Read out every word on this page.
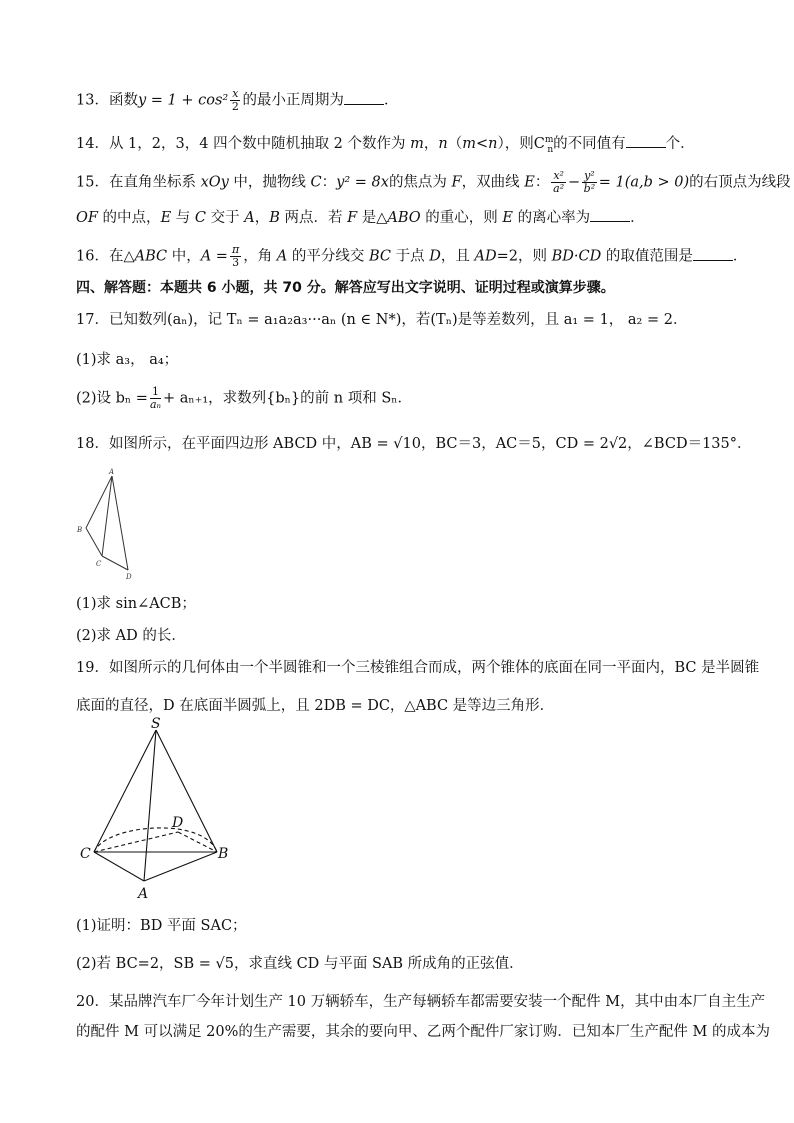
13．函数$y = 1 + \cos^2 \frac{x}{2}$ 的最小正周期为	．
14．从 1，2，3，4 四个数中随机抽取 2 个数作为 m，n（m<n），则$C^m_n$的不同值有	个．
15．在直角坐标系 xOy 中，抛物线 C：y² = 8x的焦点为 F，双曲线 E： $\frac{\text{x²}}{\text{a²}} - \frac{\text{y²}}{\text{b²}} = 1(a,b > 0)$的右顶点为线段
OF 的中点，E 与 C 交于 A，B 两点．若 F 是△ABO 的重心，则 E 的离心率为	．
16．在△ABC 中，$A = \frac{\pi}{3}$ ，角 A 的平分线交 BC 于点 D，且 AD=2，则 BD·CD 的取值范围是	．
四、解答题：本题共 6 小题，共 70 分。解答应写出文字说明、证明过程或演算步骤。
17．已知数列(aₙ)，记 Tₙ = a₁a₂a₃···aₙ (n ∈ N*)，若(Tₙ)是等差数列，且 a₁ = 1， a₂ = 2．
(1)求 a₃， a₄；
(2)设 $b_n = \frac{1}{\text{aₙ}} + a_{n+1}$，求数列{bₙ}的前 n 项和 Sₙ．
18．如图所示，在平面四边形 ABCD 中，AB = √10，BC＝3，AC＝5，CD = 2√2，∠BCD＝135°．
A
B
C
D
(1)求 sin∠ACB；
(2)求 AD 的长．
19．如图所示的几何体由一个半圆锥和一个三棱锥组合而成，两个锥体的底面在同一平面内，BC 是半圆锥
底面的直径，D 在底面半圆弧上，且 2DB = DC，△ABC 是等边三角形．
S
D
C	B
A
(1)证明：BD 平面 SAC；
(2)若 BC=2，SB = √5，求直线 CD 与平面 SAB 所成角的正弦值．
20．某品牌汽车厂今年计划生产 10 万辆轿车，生产每辆轿车都需要安装一个配件 M，其中由本厂自主生产
的配件 M 可以满足 20%的生产需要，其余的要向甲、乙两个配件厂家订购．已知本厂生产配件 M 的成本为
